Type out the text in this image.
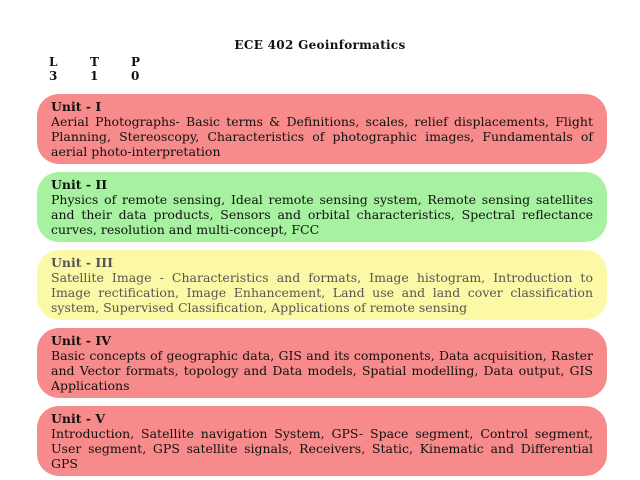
ECE 402 Geoinformatics
L	T	P
3	1	0
Unit - I
Aerial Photographs- Basic terms & Definitions, scales, relief displacements, Flight Planning, Stereoscopy, Characteristics of photographic images, Fundamentals of aerial photo-interpretation
Unit - II
Physics of remote sensing, Ideal remote sensing system, Remote sensing satellites and their data products, Sensors and orbital characteristics, Spectral reflectance curves, resolution and multi-concept, FCC
Unit - III
Satellite Image - Characteristics and formats, Image histogram, Introduction to Image rectification, Image Enhancement, Land use and land cover classification system, Supervised Classification, Applications of remote sensing
Unit - IV
Basic concepts of geographic data, GIS and its components, Data acquisition, Raster and Vector formats, topology and Data models, Spatial modelling, Data output, GIS Applications
Unit - V
Introduction, Satellite navigation System, GPS- Space segment, Control segment, User segment, GPS satellite signals, Receivers, Static, Kinematic and Differential GPS
